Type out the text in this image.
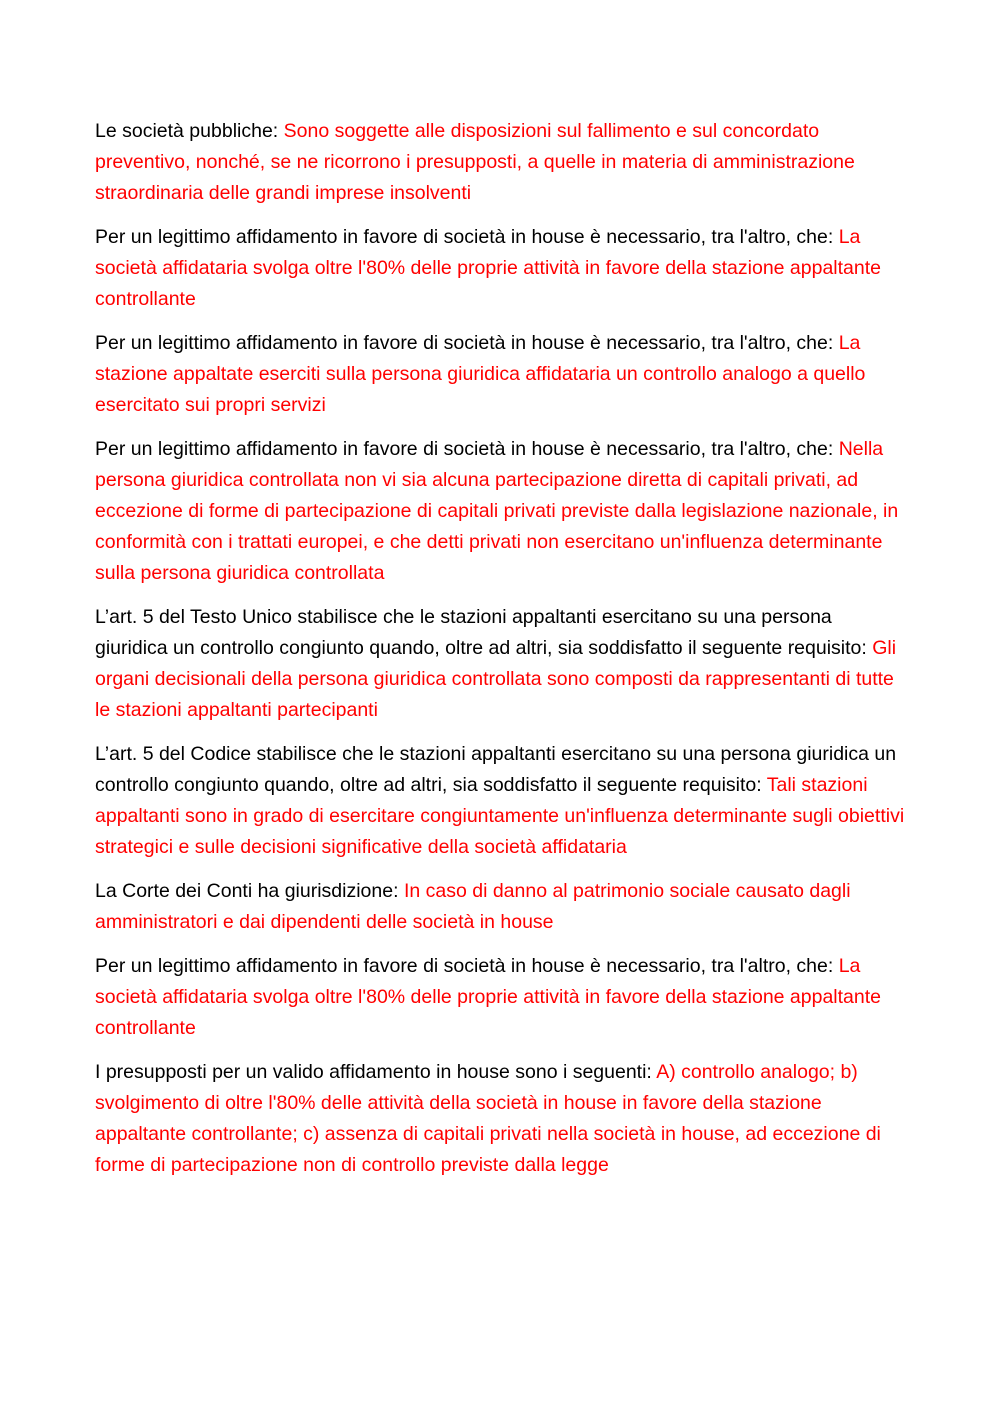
Le società pubbliche: Sono soggette alle disposizioni sul fallimento e sul concordato preventivo, nonché, se ne ricorrono i presupposti, a quelle in materia di amministrazione straordinaria delle grandi imprese insolventi

Per un legittimo affidamento in favore di società in house è necessario, tra l'altro, che: La società affidataria svolga oltre l'80% delle proprie attività in favore della stazione appaltante controllante

Per un legittimo affidamento in favore di società in house è necessario, tra l'altro, che: La stazione appaltate eserciti sulla persona giuridica affidataria un controllo analogo a quello esercitato sui propri servizi

Per un legittimo affidamento in favore di società in house è necessario, tra l'altro, che: Nella persona giuridica controllata non vi sia alcuna partecipazione diretta di capitali privati, ad eccezione di forme di partecipazione di capitali privati previste dalla legislazione nazionale, in conformità con i trattati europei, e che detti privati non esercitano un'influenza determinante sulla persona giuridica controllata

L’art. 5 del Testo Unico stabilisce che le stazioni appaltanti esercitano su una persona giuridica un controllo congiunto quando, oltre ad altri, sia soddisfatto il seguente requisito: Gli organi decisionali della persona giuridica controllata sono composti da rappresentanti di tutte le stazioni appaltanti partecipanti

L’art. 5 del Codice stabilisce che le stazioni appaltanti esercitano su una persona giuridica un controllo congiunto quando, oltre ad altri, sia soddisfatto il seguente requisito: Tali stazioni appaltanti sono in grado di esercitare congiuntamente un'influenza determinante sugli obiettivi strategici e sulle decisioni significative della società affidataria

La Corte dei Conti ha giurisdizione: In caso di danno al patrimonio sociale causato dagli amministratori e dai dipendenti delle società in house

Per un legittimo affidamento in favore di società in house è necessario, tra l'altro, che: La società affidataria svolga oltre l'80% delle proprie attività in favore della stazione appaltante controllante

I presupposti per un valido affidamento in house sono i seguenti: A) controllo analogo; b) svolgimento di oltre l'80% delle attività della società in house in favore della stazione appaltante controllante; c) assenza di capitali privati nella società in house, ad eccezione di forme di partecipazione non di controllo previste dalla legge
